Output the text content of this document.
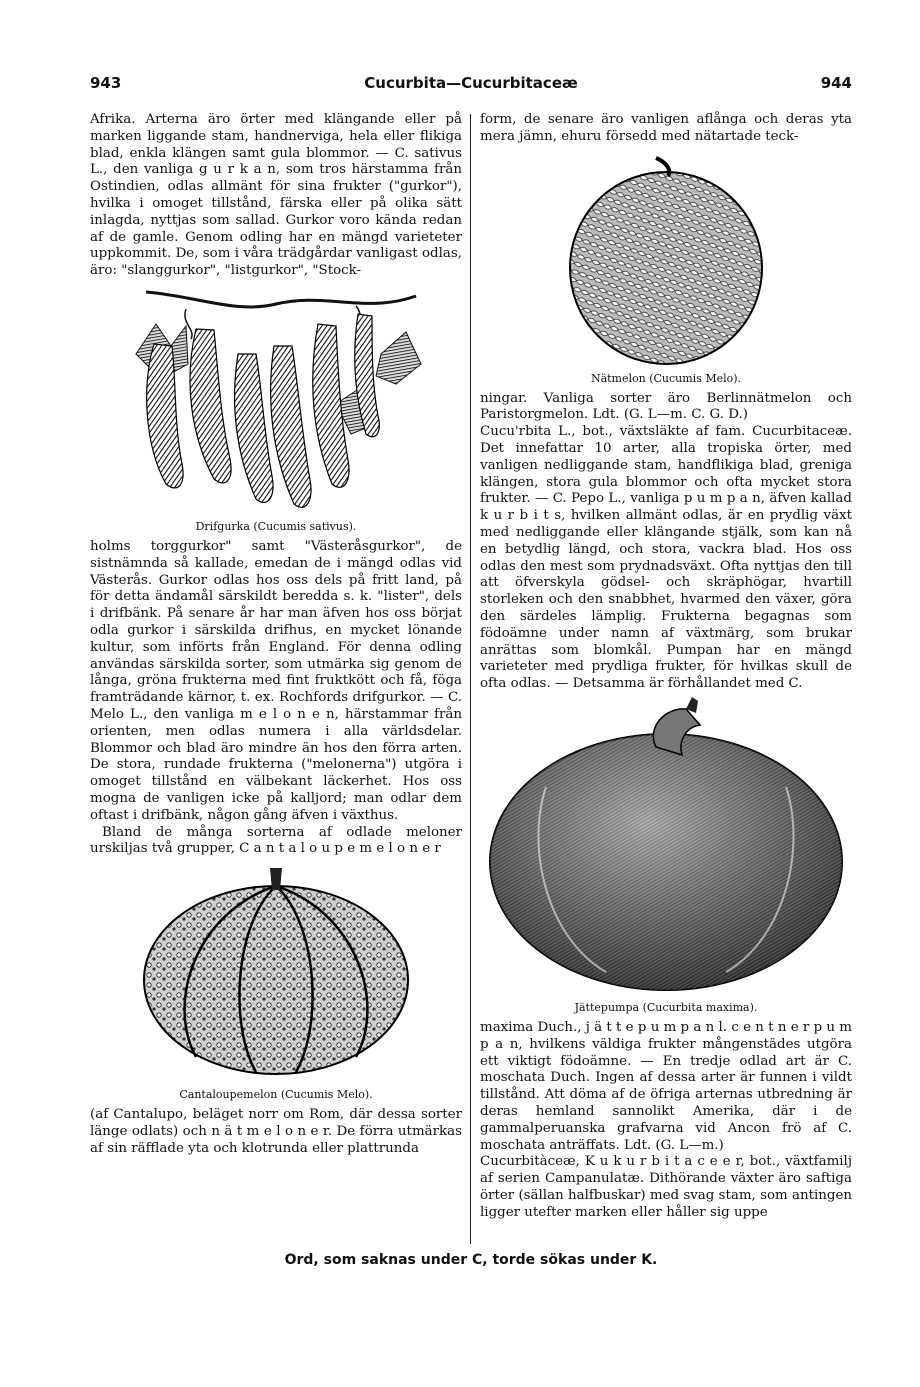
943	Cucurbita—Cucurbitaceæ	944

Afrika. Arterna äro örter med klängande eller på marken liggande stam, handnerviga, hela eller flikiga blad, enkla klängen samt gula blommor. — C. sativus L., den vanliga g u r k a n, som tros härstamma från Ostindien, odlas allmänt för sina frukter ("gurkor"), hvilka i omoget tillstånd, färska eller på olika sätt inlagda, nyttjas som sallad. Gurkor voro kända redan af de gamle. Genom odling har en mängd varieteter uppkommit. De, som i våra trädgårdar vanligast odlas, äro: "slanggurkor", "listgurkor", "Stock-

Drifgurka (Cucumis sativus).

holms torggurkor" samt "Västeråsgurkor", de sistnämnda så kallade, emedan de i mängd odlas vid Västerås. Gurkor odlas hos oss dels på fritt land, på för detta ändamål särskildt beredda s. k. "lister", dels i drifbänk. På senare år har man äfven hos oss börjat odla gurkor i särskilda drifhus, en mycket lönande kultur, som införts från England. För denna odling användas särskilda sorter, som utmärka sig genom de långa, gröna frukterna med fint fruktkött och få, föga framträdande kärnor, t. ex. Rochfords drifgurkor. — C. Melo L., den vanliga m e l o n e n, härstammar från orienten, men odlas numera i alla världsdelar. Blommor och blad äro mindre än hos den förra arten. De stora, rundade frukterna ("melonerna") utgöra i omoget tillstånd en välbekant läckerhet. Hos oss mogna de vanligen icke på kalljord; man odlar dem oftast i drifbänk, någon gång äfven i växthus.

Bland de många sorterna af odlade meloner urskiljas två grupper, C a n t a l o u p e m e l o n e r

Cantaloupemelon (Cucumis Melo).

(af Cantalupo, beläget norr om Rom, där dessa sorter länge odlats) och n ä t m e l o n e r. De förra utmärkas af sin räfflade yta och klotrunda eller plattrunda

form, de senare äro vanligen aflånga och deras yta mera jämn, ehuru försedd med nätartade teck-

Nätmelon (Cucumis Melo).

ningar. Vanliga sorter äro Berlinnätmelon och Paristorgmelon. Ldt. (G. L—m. C. G. D.)

Cucu'rbita L., bot., växtsläkte af fam. Cucurbitaceæ. Det innefattar 10 arter, alla tropiska örter, med vanligen nedliggande stam, handflikiga blad, greniga klängen, stora gula blommor och ofta mycket stora frukter. — C. Pepo L., vanliga p u m p a n, äfven kallad k u r b i t s, hvilken allmänt odlas, är en prydlig växt med nedliggande eller klängande stjälk, som kan nå en betydlig längd, och stora, vackra blad. Hos oss odlas den mest som prydnadsväxt. Ofta nyttjas den till att öfverskyla gödsel- och skräphögar, hvartill storleken och den snabbhet, hvarmed den växer, göra den särdeles lämplig. Frukterna begagnas som födoämne under namn af växtmärg, som brukar anrättas som blomkål. Pumpan har en mängd varieteter med prydliga frukter, för hvilkas skull de ofta odlas. — Detsamma är förhållandet med C.

Jättepumpa (Cucurbita maxima).

maxima Duch., j ä t t e p u m p a n l. c e n t n e r p u m p a n, hvilkens väldiga frukter mångenstädes utgöra ett viktigt födoämne. — En tredje odlad art är C. moschata Duch. Ingen af dessa arter är funnen i vildt tillstånd. Att döma af de öfriga arternas utbredning är deras hemland sannolikt Amerika, där i de gammalperuanska grafvarna vid Ancon frö af C. moschata anträffats. Ldt. (G. L—m.)

Cucurbitàceæ, K u k u r b i t a c e e r, bot., växtfamilj af serien Campanulatæ. Dithörande växter äro saftiga örter (sällan halfbuskar) med svag stam, som antingen ligger utefter marken eller håller sig uppe

Ord, som saknas under C, torde sökas under K.
